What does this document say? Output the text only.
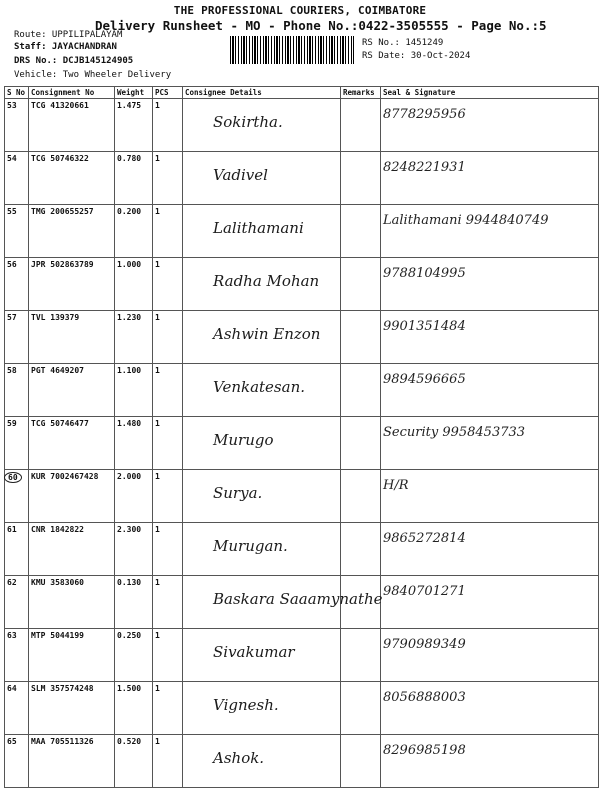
THE PROFESSIONAL COURIERS, COIMBATORE
Delivery Runsheet - MO - Phone No.:0422-3505555 - Page No.:5
Route: UPPILIPALAYAM
Staff: JAYACHANDRAN
DRS No.: DCJB145124905
Vehicle: Two Wheeler Delivery
RS No.: 1451249
RS Date: 30-Oct-2024
S No	Consignment No	Weight	PCS	Consignee Details	Remarks	Seal & Signature
53	TCG 41320661	1.475	1	Sokirtha.		8778295956
54	TCG 50746322	0.780	1	Vadivel		8248221931
55	TMG 200655257	0.200	1	Lalithamani		Lalithamani 9944840749
56	JPR 502863789	1.000	1	Radha Mohan		9788104995
57	TVL 139379	1.230	1	Ashwin Enzon		9901351484
58	PGT 4649207	1.100	1	Venkatesan.		9894596665
59	TCG 50746477	1.480	1	Murugo		Security 9958453733
60	KUR 7002467428	2.000	1	Surya.		H/R
61	CNR 1842822	2.300	1	Murugan.		9865272814
62	KMU 3583060	0.130	1	Baskara Saaamynathe		9840701271
63	MTP 5044199	0.250	1	Sivakumar		9790989349
64	SLM 357574248	1.500	1	Vignesh.		8056888003
65	MAA 705511326	0.520	1	Ashok.		8296985198
